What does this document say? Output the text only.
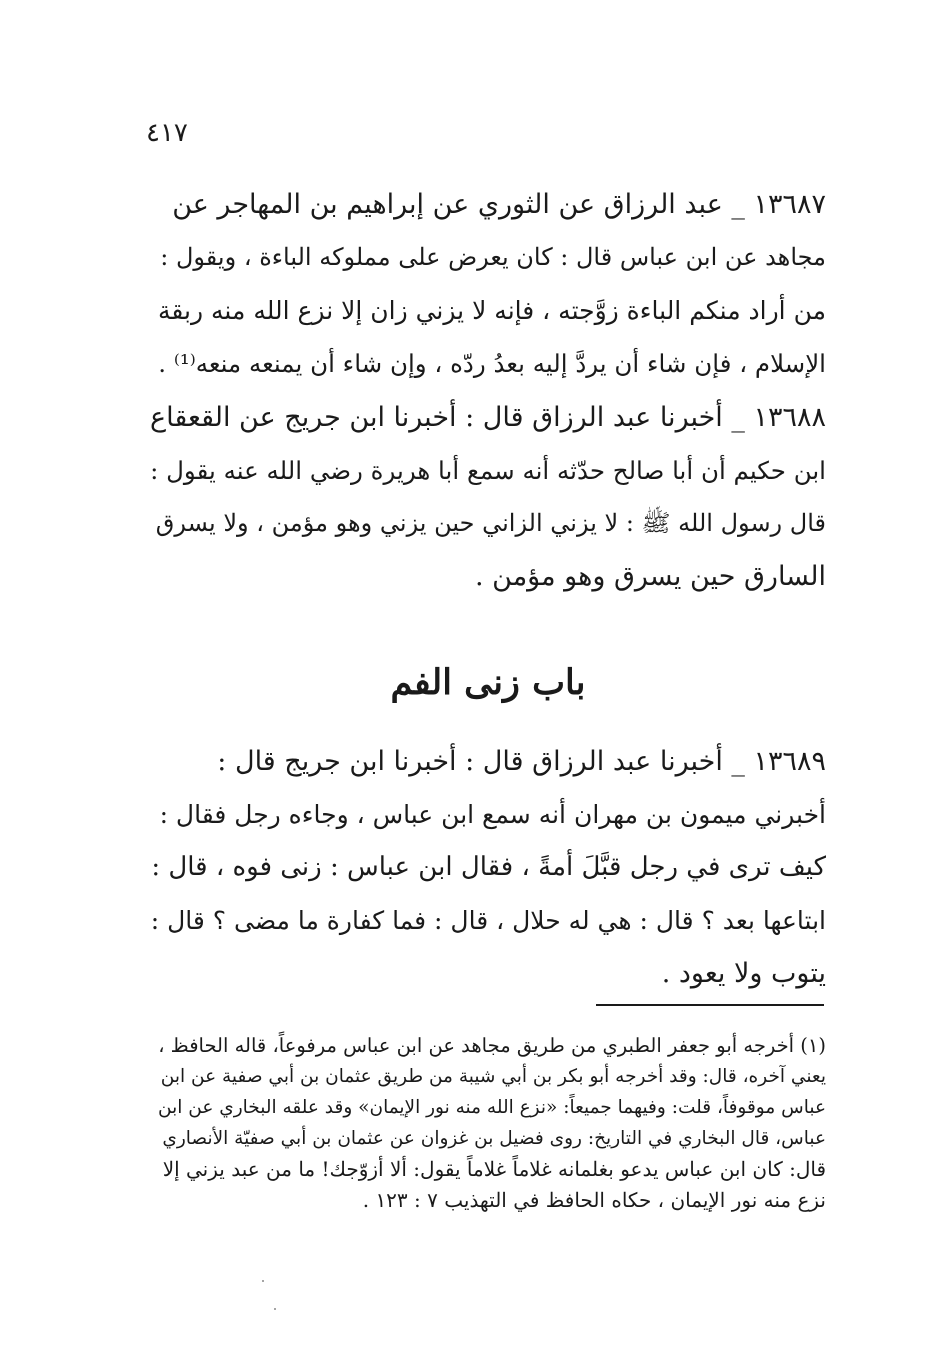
٤١٧

١٣٦٨٧ _ عبد الرزاق عن الثوري عن إبراهيم بن المهاجر عن
مجاهد عن ابن عباس قال : كان يعرض على مملوكه الباءة ، ويقول :
من أراد منكم الباءة زوَّجته ، فإنه لا يزني زان إلا نزع الله منه ربقة
الإسلام ، فإن شاء أن يردَّ إليه بعدُ ردّه ، وإن شاء أن يمنعه منعه⁽¹⁾ .

١٣٦٨٨ _ أخبرنا عبد الرزاق قال : أخبرنا ابن جريج عن القعقاع
ابن حكيم أن أبا صالح حدّثه أنه سمع أبا هريرة رضي الله عنه يقول :
قال رسول الله ﷺ : لا يزني الزاني حين يزني وهو مؤمن ، ولا يسرق
السارق حين يسرق وهو مؤمن .

باب زنى الفم

١٣٦٨٩ _ أخبرنا عبد الرزاق قال : أخبرنا ابن جريج قال :
أخبرني ميمون بن مهران أنه سمع ابن عباس ، وجاءه رجل فقال :
كيف ترى في رجل قبَّلَ أمةً ، فقال ابن عباس : زنى فوه ، قال :
ابتاعها بعد ؟ قال : هي له حلال ، قال : فما كفارة ما مضى ؟ قال :
يتوب ولا يعود .

(١) أخرجه أبو جعفر الطبري من طريق مجاهد عن ابن عباس مرفوعاً، قاله الحافظ ،
يعني آخره، قال: وقد أخرجه أبو بكر بن أبي شيبة من طريق عثمان بن أبي صفية عن ابن
عباس موقوفاً، قلت: وفيهما جميعاً: «نزع الله منه نور الإيمان» وقد علقه البخاري عن ابن
عباس، قال البخاري في التاريخ: روى فضيل بن غزوان عن عثمان بن أبي صفيّة الأنصاري
قال: كان ابن عباس يدعو بغلمانه غلاماً غلاماً يقول: ألا أزوّجك! ما من عبد يزني إلا
نزع منه نور الإيمان ، حكاه الحافظ في التهذيب ٧ : ١٢٣ .
